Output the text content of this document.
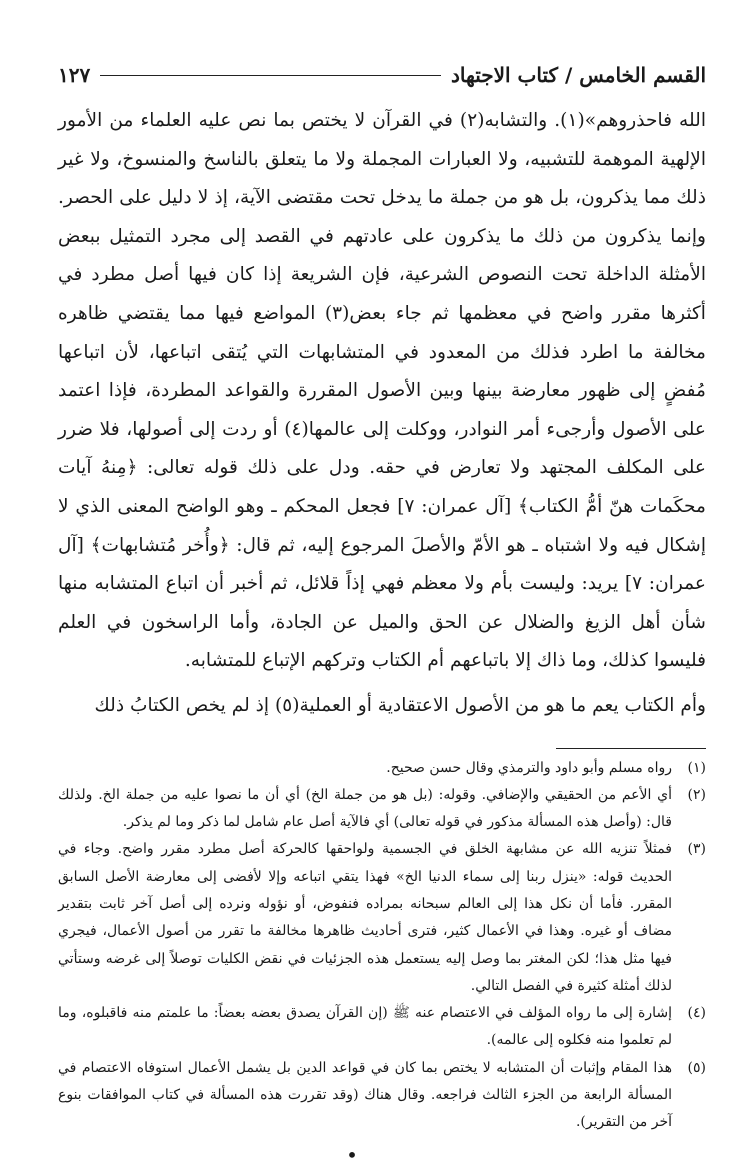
القسم الخامس / كتاب الاجتهاد
١٢٧

الله فاحذروهم»(١). والتشابه(٢) في القرآن لا يختص بما نص عليه العلماء من الأمور الإلهية الموهمة للتشبيه، ولا العبارات المجملة ولا ما يتعلق بالناسخ والمنسوخ، ولا غير ذلك مما يذكرون، بل هو من جملة ما يدخل تحت مقتضى الآية، إذ لا دليل على الحصر. وإنما يذكرون من ذلك ما يذكرون على عادتهم في القصد إلى مجرد التمثيل ببعض الأمثلة الداخلة تحت النصوص الشرعية، فإن الشريعة إذا كان فيها أصل مطرد في أكثرها مقرر واضح في معظمها ثم جاء بعض(٣) المواضع فيها مما يقتضي ظاهره مخالفة ما اطرد فذلك من المعدود في المتشابهات التي يُتقى اتباعها، لأن اتباعها مُفضٍ إلى ظهور معارضة بينها وبين الأصول المقررة والقواعد المطردة، فإذا اعتمد على الأصول وأرجىء أمر النوادر، ووكلت إلى عالمها(٤) أو ردت إلى أصولها، فلا ضرر على المكلف المجتهد ولا تعارض في حقه. ودل على ذلك قوله تعالى: ﴿مِنهُ آيات محكَمات هنّ أمُّ الكتاب﴾ [آل عمران: ٧] فجعل المحكم ـ وهو الواضح المعنى الذي لا إشكال فيه ولا اشتباه ـ هو الأمّ والأصلَ المرجوع إليه، ثم قال: ﴿وأُخر مُتشابهات﴾ [آل عمران: ٧] يريد: وليست بأم ولا معظم فهي إذاً قلائل، ثم أخبر أن اتباع المتشابه منها شأن أهل الزيغ والضلال عن الحق والميل عن الجادة، وأما الراسخون في العلم فليسوا كذلك، وما ذاك إلا باتباعهم أم الكتاب وتركهم الإتباع للمتشابه.

وأم الكتاب يعم ما هو من الأصول الاعتقادية أو العملية(٥) إذ لم يخص الكتابُ ذلك

(١)
رواه مسلم وأبو داود والترمذي وقال حسن صحيح.
(٢)
أي الأعم من الحقيقي والإضافي. وقوله: (بل هو من جملة الخ) أي أن ما نصوا عليه من جملة الخ. ولذلك قال: (وأصل هذه المسألة مذكور في قوله تعالى) أي فالآية أصل عام شامل لما ذكر وما لم يذكر.
(٣)
فمثلاً تنزيه الله عن مشابهة الخلق في الجسمية ولواحقها كالحركة أصل مطرد مقرر واضح. وجاء في الحديث قوله: «ينزل ربنا إلى سماء الدنيا الخ» فهذا يتقي اتباعه وإلا لأفضى إلى معارضة الأصل السابق المقرر. فأما أن نكل هذا إلى العالم سبحانه بمراده فنفوض، أو نؤوله ونرده إلى أصل آخر ثابت بتقدير مضاف أو غيره. وهذا في الأعمال كثير، فترى أحاديث ظاهرها مخالفة ما تقرر من أصول الأعمال، فيجري فيها مثل هذا؛ لكن المغتر بما وصل إليه يستعمل هذه الجزئيات في نقض الكليات توصلاً إلى غرضه وستأتي لذلك أمثلة كثيرة في الفصل التالي.
(٤)
إشارة إلى ما رواه المؤلف في الاعتصام عنه ﷺ (إن القرآن يصدق بعضه بعضاً: ما علمتم منه فاقبلوه، وما لم تعلموا منه فكلوه إلى عالمه).
(٥)
هذا المقام وإثبات أن المتشابه لا يختص بما كان في قواعد الدين بل يشمل الأعمال استوفاه الاعتصام في المسألة الرابعة من الجزء الثالث فراجعه. وقال هناك (وقد تقررت هذه المسألة في كتاب الموافقات بنوع آخر من التقرير).
•
